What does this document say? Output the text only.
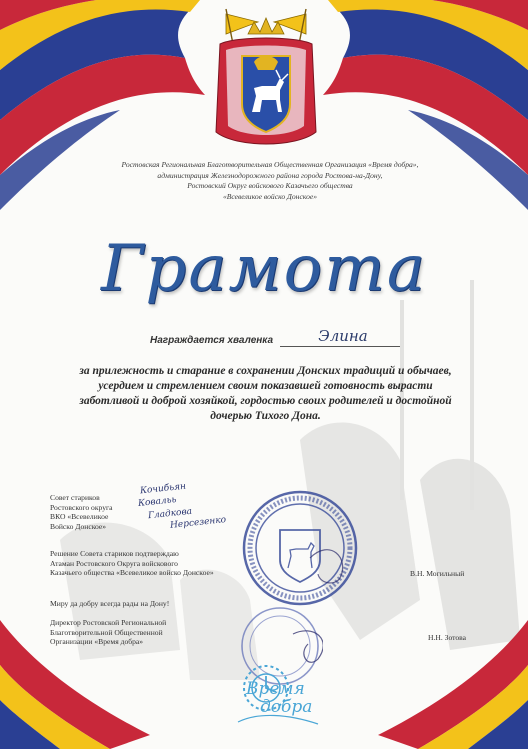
Ростовская Региональная Благотворительная Общественная Организация «Время добра»,
администрация Железнодорожного района города Ростова-на-Дону,
Ростовский Округ войскового Казачьего общества
«Всевеликое войско Донское»
Грамота
Награждается хваленка	Элина
за прилежность и старание в сохранении Донских традиций и обычаев,
усердием и стремлением своим показавшей готовность вырасти
заботливой и доброй хозяйкой, гордостью своих родителей и достойной
дочерью Тихого Дона.
Совет стариков
Ростовского округа
ВКО «Всевеликое
Войско Донское»
Кочибьян
Ковальь
Гладкова
Нерсезенко
Решение Совета стариков подтверждаю
Атаман Ростовского Округа войскового
Казачьего общества «Всевеликое войско Донское»	В.Н. Могильный
Миру да добру всегда рады на Дону!
Директор Ростовской Региональной
Благотворительной Общественной
Организации «Время добра»	Н.Н. Зотова
Время
добра
